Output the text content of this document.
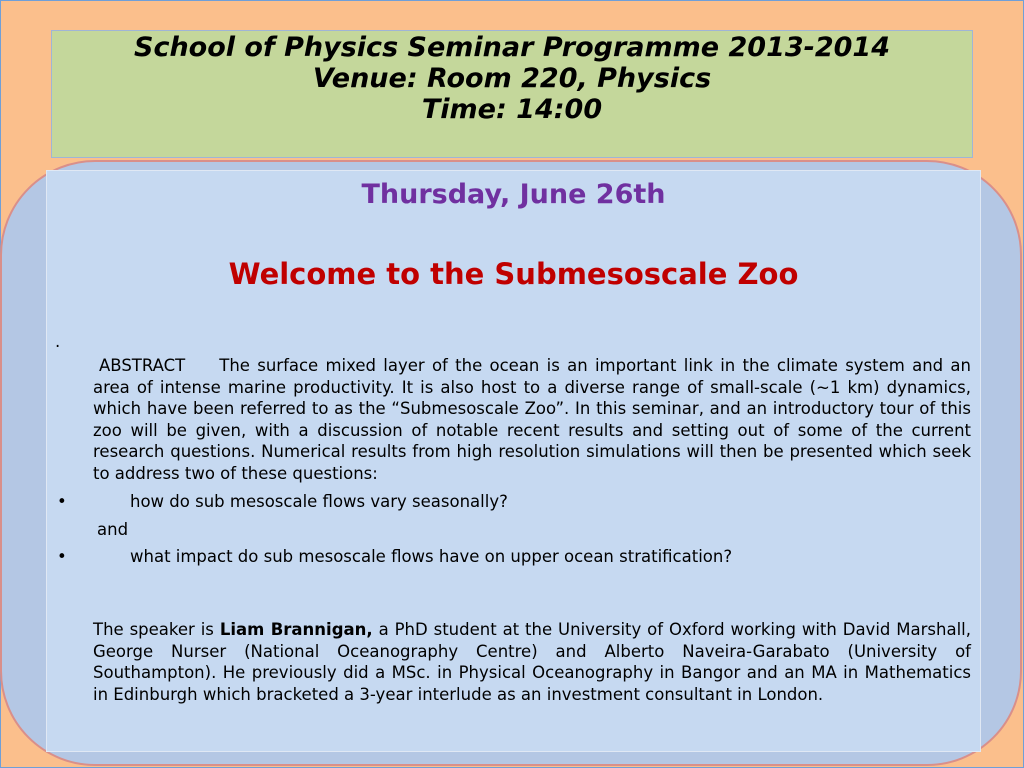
School of Physics Seminar Programme 2013-2014
Venue: Room 220, Physics
Time: 14:00
Thursday, June 26th
Welcome to the Submesoscale Zoo
.
ABSTRACT The surface mixed layer of the ocean is an important link in the climate system and an area of intense marine productivity. It is also host to a diverse range of small-scale (~1 km) dynamics, which have been referred to as the “Submesoscale Zoo”. In this seminar, and an introductory tour of this zoo will be given, with a discussion of notable recent results and setting out of some of the current research questions. Numerical results from high resolution simulations will then be presented which seek to address two of these questions:
•	how do sub mesoscale flows vary seasonally?
and
•	what impact do sub mesoscale flows have on upper ocean stratification?
The speaker is Liam Brannigan, a PhD student at the University of Oxford working with David Marshall, George Nurser (National Oceanography Centre) and Alberto Naveira-Garabato (University of Southampton). He previously did a MSc. in Physical Oceanography in Bangor and an MA in Mathematics in Edinburgh which bracketed a 3-year interlude as an investment consultant in London.
